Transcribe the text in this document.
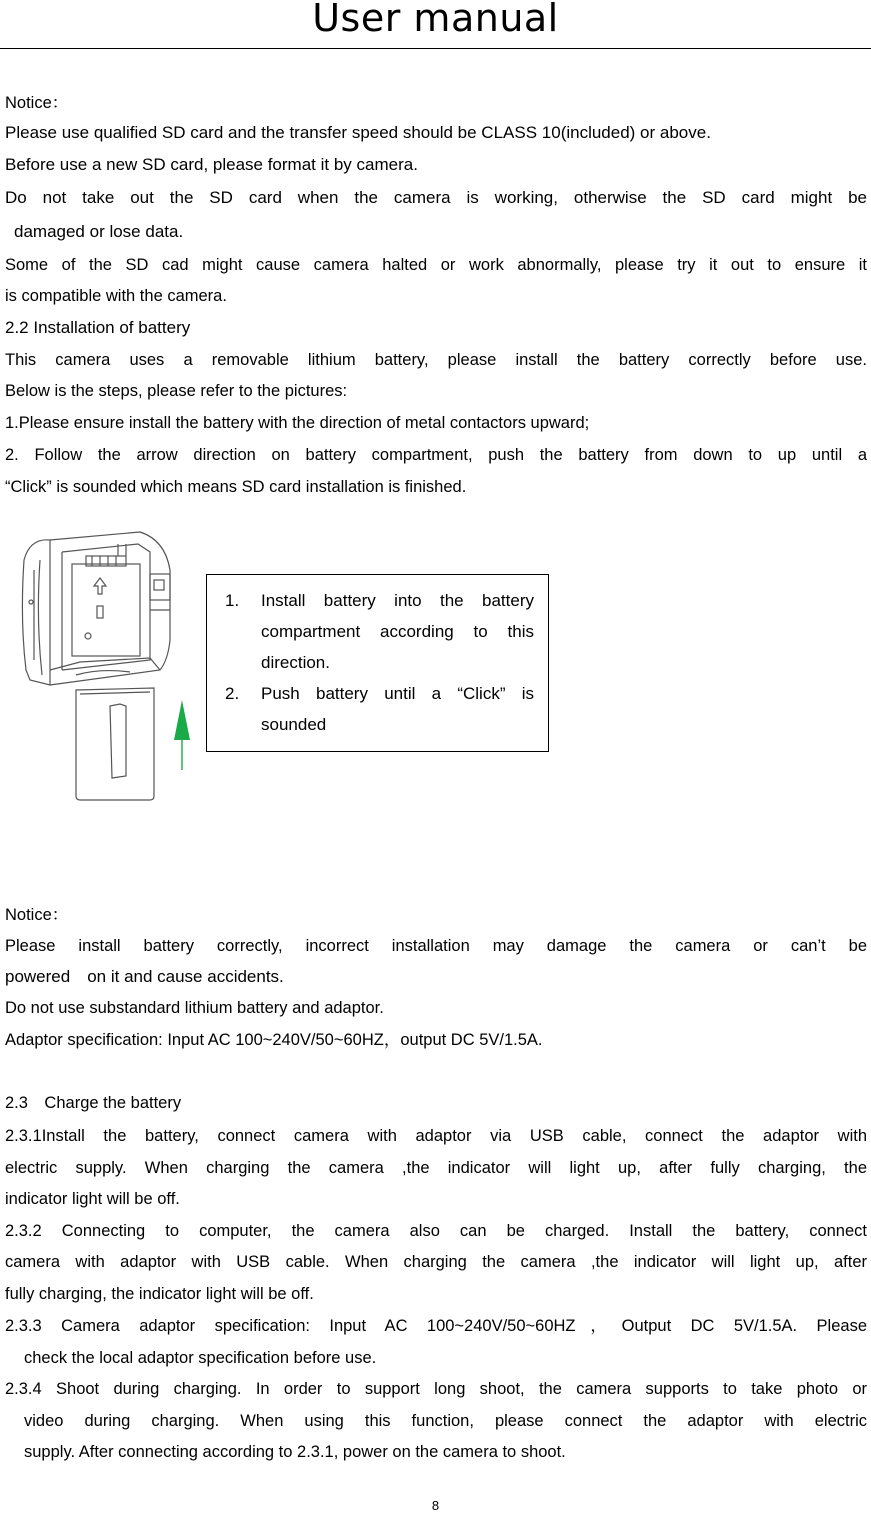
User manual
Notice：
Please use qualified SD card and the transfer speed should be CLASS 10(included) or above.
Before use a new SD card, please format it by camera.
Do not take out the SD card when the camera is working, otherwise the SD card might be
damaged or lose data.
Some of the SD cad might cause camera halted or work abnormally, please try it out to ensure it
is compatible with the camera.
2.2 Installation of battery
This camera uses a removable lithium battery, please install the battery correctly before use.
Below is the steps, please refer to the pictures:
1.Please ensure install the battery with the direction of metal contactors upward;
2. Follow the arrow direction on battery compartment, push the battery from down to up until a
“Click” is sounded which means SD card installation is finished.
1. Install battery into the battery compartment according to this direction.
2. Push battery until a “Click” is sounded
Notice：
Please install battery correctly, incorrect installation may damage the camera or can’t be
powered　on it and cause accidents.
Do not use substandard lithium battery and adaptor.
Adaptor specification: Input AC 100~240V/50~60HZ，output DC 5V/1.5A.
2.3　Charge the battery
2.3.1Install the battery, connect camera with adaptor via USB cable, connect the adaptor with
electric supply. When charging the camera ,the indicator will light up, after fully charging, the
indicator light will be off.
2.3.2 Connecting to computer, the camera also can be charged. Install the battery, connect
camera with adaptor with USB cable. When charging the camera ,the indicator will light up, after
fully charging, the indicator light will be off.
2.3.3 Camera adaptor specification: Input AC 100~240V/50~60HZ，Output DC 5V/1.5A. Please
check the local adaptor specification before use.
2.3.4 Shoot during charging. In order to support long shoot, the camera supports to take photo or
video during charging. When using this function, please connect the adaptor with electric
supply. After connecting according to 2.3.1, power on the camera to shoot.
8
